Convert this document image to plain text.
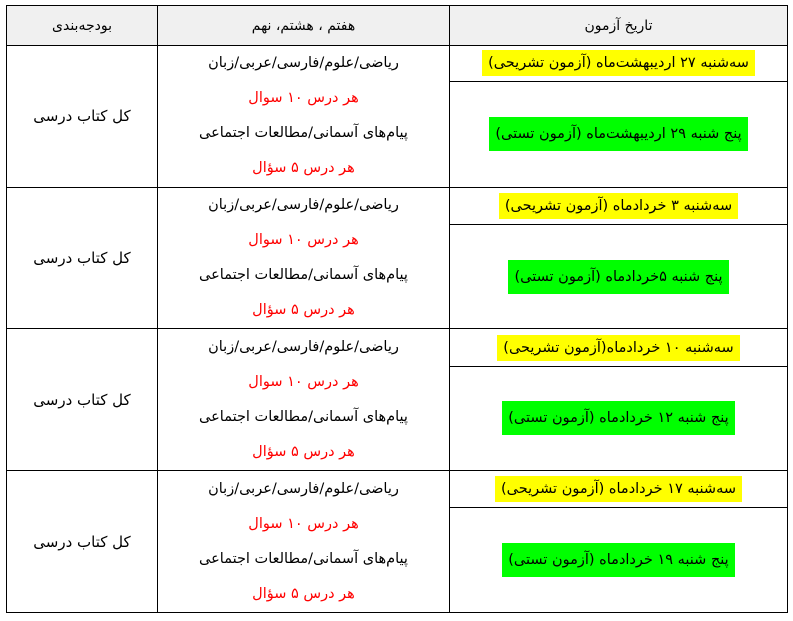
تاریخ آزمون	هفتم ، هشتم، نهم	بودجه‌بندی
سه‌شنبه ۲۷ اردیبهشت‌ماه (آزمون تشریحی)	ریاضی/علوم/فارسی/عربی/زبان
هر درس ۱۰ سوال
پیام‌های آسمانی/مطالعات اجتماعی
هر درس ۵ سؤال	کل کتاب درسی
پنج شنبه ۲۹ اردیبهشت‌ماه (آزمون تستی)		
سه‌شنبه ۳ خردادماه (آزمون تشریحی)	ریاضی/علوم/فارسی/عربی/زبان
هر درس ۱۰ سوال
پیام‌های آسمانی/مطالعات اجتماعی
هر درس ۵ سؤال	کل کتاب درسی
پنج شنبه ۵خردادماه (آزمون تستی)		
سه‌شنبه ۱۰ خردادماه(آزمون تشریحی)	ریاضی/علوم/فارسی/عربی/زبان
هر درس ۱۰ سوال
پیام‌های آسمانی/مطالعات اجتماعی
هر درس ۵ سؤال	کل کتاب درسی
پنج شنبه ۱۲ خردادماه (آزمون تستی)		
سه‌شنبه ۱۷ خردادماه (آزمون تشریحی)	ریاضی/علوم/فارسی/عربی/زبان
هر درس ۱۰ سوال
پیام‌های آسمانی/مطالعات اجتماعی
هر درس ۵ سؤال	کل کتاب درسی
پنج شنبه ۱۹ خردادماه (آزمون تستی)		
